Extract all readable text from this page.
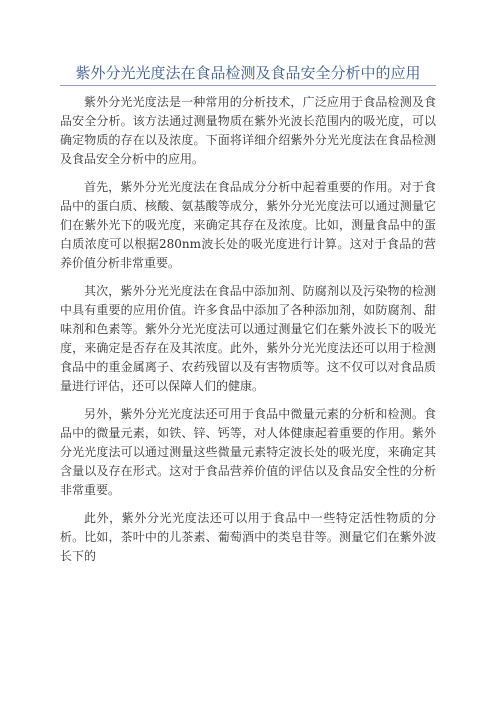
紫外分光光度法在食品检测及食品安全分析中的应用

紫外分光光度法是一种常用的分析技术，广泛应用于食品检测及食品安全分析。该方法通过测量物质在紫外光波长范围内的吸光度，可以确定物质的存在以及浓度。下面将详细介绍紫外分光光度法在食品检测及食品安全分析中的应用。

首先，紫外分光光度法在食品成分分析中起着重要的作用。对于食品中的蛋白质、核酸、氨基酸等成分，紫外分光光度法可以通过测量它们在紫外光下的吸光度，来确定其存在及浓度。比如，测量食品中的蛋白质浓度可以根据280nm波长处的吸光度进行计算。这对于食品的营养价值分析非常重要。

其次，紫外分光光度法在食品中添加剂、防腐剂以及污染物的检测中具有重要的应用价值。许多食品中添加了各种添加剂，如防腐剂、甜味剂和色素等。紫外分光光度法可以通过测量它们在紫外波长下的吸光度，来确定是否存在及其浓度。此外，紫外分光光度法还可以用于检测食品中的重金属离子、农药残留以及有害物质等。这不仅可以对食品质量进行评估，还可以保障人们的健康。

另外，紫外分光光度法还可用于食品中微量元素的分析和检测。食品中的微量元素，如铁、锌、钙等，对人体健康起着重要的作用。紫外分光光度法可以通过测量这些微量元素特定波长处的吸光度，来确定其含量以及存在形式。这对于食品营养价值的评估以及食品安全性的分析非常重要。

此外，紫外分光光度法还可以用于食品中一些特定活性物质的分析。比如，茶叶中的儿茶素、葡萄酒中的类皂苷等。测量它们在紫外波长下的
